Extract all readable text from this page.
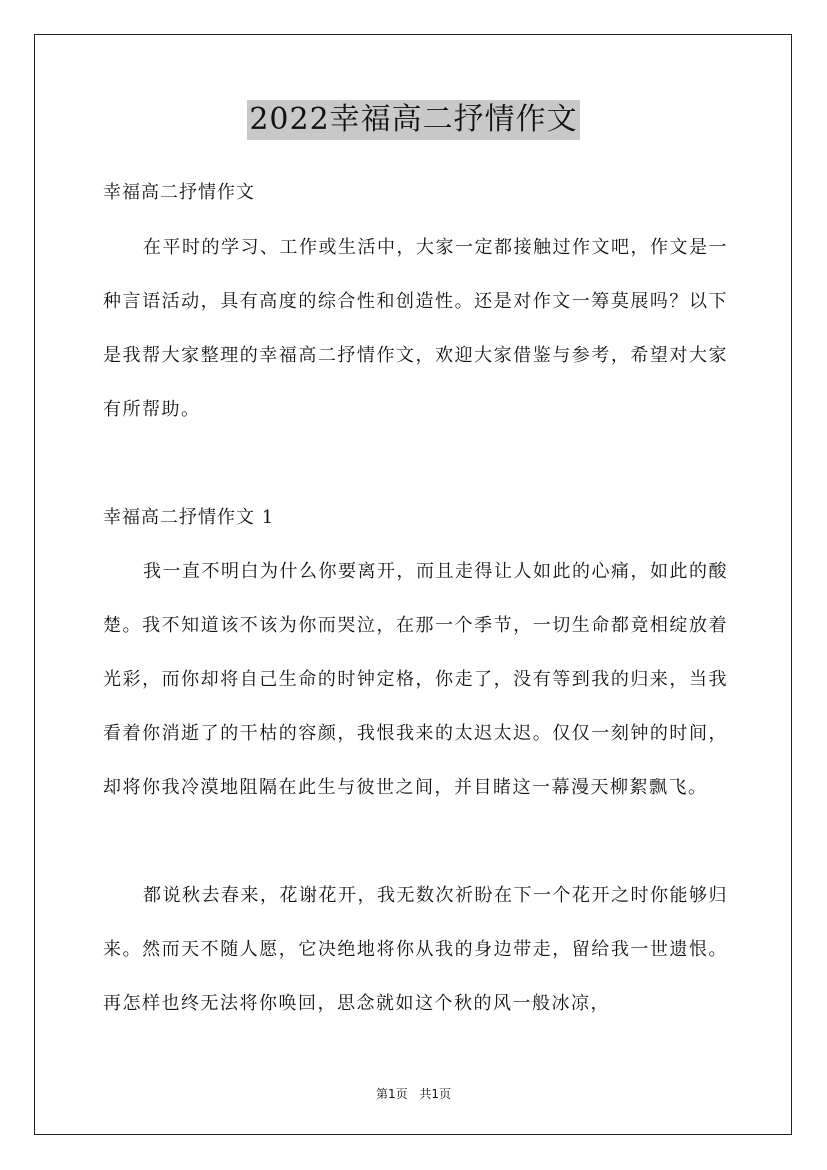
2022幸福高二抒情作文
幸福高二抒情作文

在平时的学习、工作或生活中，大家一定都接触过作文吧，作文是一种言语活动，具有高度的综合性和创造性。还是对作文一筹莫展吗？以下是我帮大家整理的幸福高二抒情作文，欢迎大家借鉴与参考，希望对大家有所帮助。

幸福高二抒情作文 1

我一直不明白为什么你要离开，而且走得让人如此的心痛，如此的酸楚。我不知道该不该为你而哭泣，在那一个季节，一切生命都竟相绽放着光彩，而你却将自己生命的时钟定格，你走了，没有等到我的归来，当我看着你消逝了的干枯的容颜，我恨我来的太迟太迟。仅仅一刻钟的时间，却将你我冷漠地阻隔在此生与彼世之间，并目睹这一幕漫天柳絮飘飞。

都说秋去春来，花谢花开，我无数次祈盼在下一个花开之时你能够归来。然而天不随人愿，它决绝地将你从我的身边带走，留给我一世遗恨。再怎样也终无法将你唤回，思念就如这个秋的风一般冰凉，

第1页 共1页
